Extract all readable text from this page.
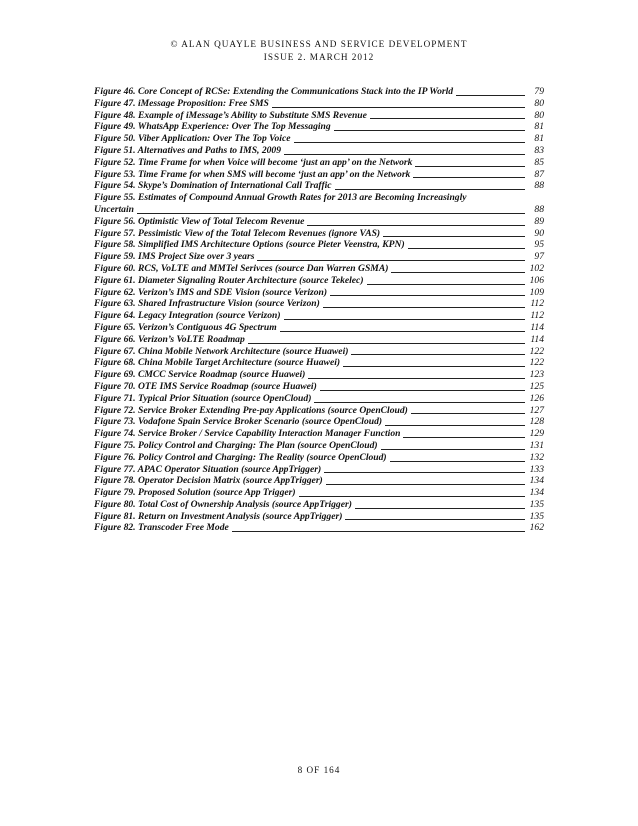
© ALAN QUAYLE BUSINESS AND SERVICE DEVELOPMENT
ISSUE 2. MARCH 2012
Figure 46. Core Concept of RCSe: Extending the Communications Stack into the IP World	79
Figure 47. iMessage Proposition: Free SMS	80
Figure 48. Example of iMessage’s Ability to Substitute SMS Revenue	80
Figure 49. WhatsApp Experience: Over The Top Messaging	81
Figure 50. Viber Application: Over The Top Voice	81
Figure 51. Alternatives and Paths to IMS, 2009	83
Figure 52. Time Frame for when Voice will become ‘just an app’ on the Network	85
Figure 53. Time Frame for when SMS will become ‘just an app’ on the Network	87
Figure 54. Skype’s Domination of International Call Traffic	88
Figure 55. Estimates of Compound Annual Growth Rates for 2013 are Becoming Increasingly
Uncertain	88
Figure 56. Optimistic View of Total Telecom Revenue	89
Figure 57. Pessimistic View of the Total Telecom Revenues (ignore VAS)	90
Figure 58. Simplified IMS Architecture Options (source Pieter Veenstra, KPN)	95
Figure 59. IMS Project Size over 3 years	97
Figure 60. RCS, VoLTE and MMTel Serivces (source Dan Warren GSMA)	102
Figure 61. Diameter Signaling Router Architecture (source Tekelec)	106
Figure 62. Verizon’s IMS and SDE Vision (source Verizon)	109
Figure 63. Shared Infrastructure Vision (source Verizon)	112
Figure 64. Legacy Integration (source Verizon)	112
Figure 65. Verizon’s Contiguous 4G Spectrum	114
Figure 66. Verizon’s VoLTE Roadmap	114
Figure 67. China Mobile Network Architecture (source Huawei)	122
Figure 68. China Mobile Target Architecture (source Huawei)	122
Figure 69. CMCC Service Roadmap (source Huawei)	123
Figure 70. OTE IMS Service Roadmap (source Huawei)	125
Figure 71. Typical Prior Situation (source OpenCloud)	126
Figure 72. Service Broker Extending Pre-pay Applications (source OpenCloud)	127
Figure 73. Vodafone Spain Service Broker Scenario (source OpenCloud)	128
Figure 74. Service Broker / Service Capability Interaction Manager Function	129
Figure 75. Policy Control and Charging: The Plan (source OpenCloud)	131
Figure 76. Policy Control and Charging: The Reality (source OpenCloud)	132
Figure 77. APAC Operator Situation (source AppTrigger)	133
Figure 78. Operator Decision Matrix (source AppTrigger)	134
Figure 79. Proposed Solution (source App Trigger)	134
Figure 80. Total Cost of Ownership Analysis (source AppTrigger)	135
Figure 81. Return on Investment Analysis (source AppTrigger)	135
Figure 82. Transcoder Free Mode	162
8 OF 164
